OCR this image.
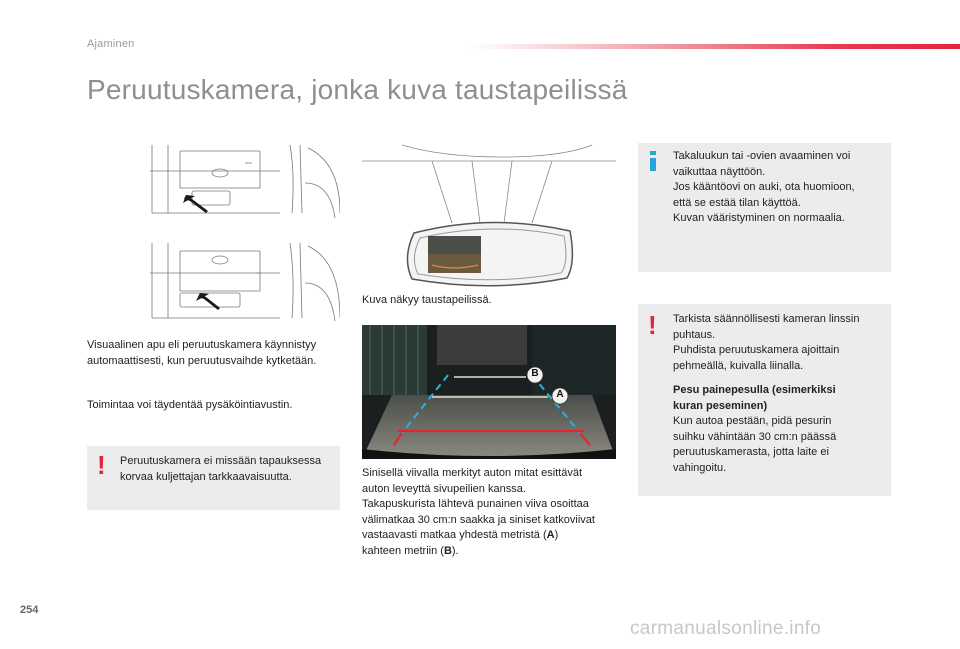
Ajaminen
Peruutuskamera, jonka kuva taustapeilissä
Visuaalinen apu eli peruutuskamera käynnistyy automaattisesti, kun peruutusvaihde kytketään.
Toimintaa voi täydentää pysäköintiavustin.
! Peruutuskamera ei missään tapauksessa korvaa kuljettajan tarkkaavaisuutta.
Kuva näkyy taustapeilissä.
B
A
Sinisellä viivalla merkityt auton mitat esittävät
auton leveyttä sivupeilien kanssa.
Takapuskurista lähtevä punainen viiva osoittaa
välimatkaa 30 cm:n saakka ja siniset katkoviivat
vastaavasti matkaa yhdestä metristä (A)
kahteen metriin (B).
Takaluukun tai -ovien avaaminen voi
vaikuttaa näyttöön.
Jos kääntöovi on auki, ota huomioon,
että se estää tilan käyttöä.
Kuvan vääristyminen on normaalia.
! Tarkista säännöllisesti kameran linssin
puhtaus.
Puhdista peruutuskamera ajoittain
pehmeällä, kuivalla liinalla.
Pesu painepesulla (esimerkiksi
kuran peseminen)
Kun autoa pestään, pidä pesurin
suihku vähintään 30 cm:n päässä
peruutuskamerasta, jotta laite ei
vahingoitu.
254
carmanualsonline.info
